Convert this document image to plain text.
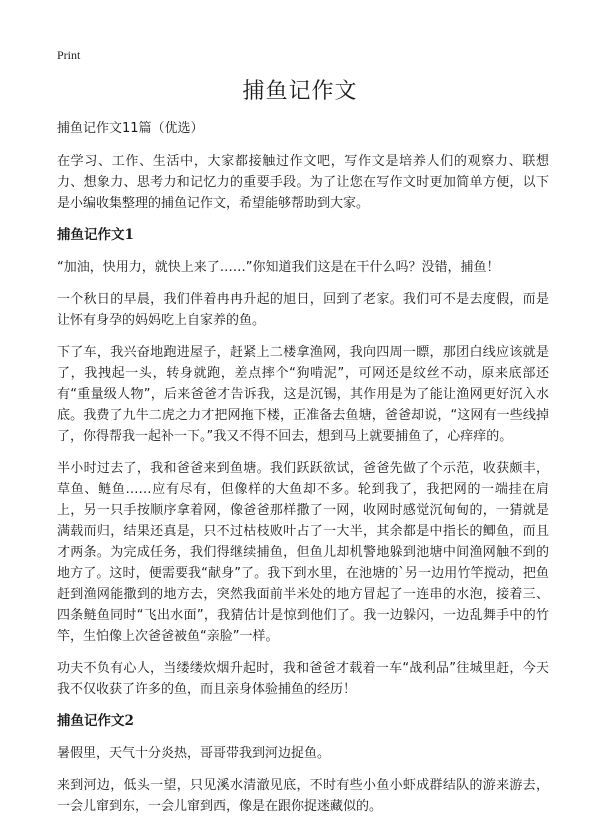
Print
捕鱼记作文

捕鱼记作文11篇（优选）

在学习、工作、生活中，大家都接触过作文吧，写作文是培养人们的观察力、联想力、想象力、思考力和记忆力的重要手段。为了让您在写作文时更加简单方便，以下是小编收集整理的捕鱼记作文，希望能够帮助到大家。

捕鱼记作文1

“加油，快用力，就快上来了……”你知道我们这是在干什么吗？没错，捕鱼！

一个秋日的早晨，我们伴着冉冉升起的旭日，回到了老家。我们可不是去度假，而是让怀有身孕的妈妈吃上自家养的鱼。

下了车，我兴奋地跑进屋子，赶紧上二楼拿渔网，我向四周一瞟，那团白线应该就是了，我拽起一头，转身就跑，差点摔个“狗啃泥”，可网还是纹丝不动，原来底部还有“重量级人物”，后来爸爸才告诉我，这是沉锡，其作用是为了能让渔网更好沉入水底。我费了九牛二虎之力才把网拖下楼，正准备去鱼塘，爸爸却说，“这网有一些线掉了，你得帮我一起补一下。”我又不得不回去，想到马上就要捕鱼了，心痒痒的。

半小时过去了，我和爸爸来到鱼塘。我们跃跃欲试，爸爸先做了个示范，收获颇丰，草鱼、鲢鱼……应有尽有，但像样的大鱼却不多。轮到我了，我把网的一端挂在肩上，另一只手按顺序拿着网，像爸爸那样撒了一网，收网时感觉沉甸甸的，一猜就是满载而归，结果还真是，只不过枯枝败叶占了一大半，其余都是中指长的鲫鱼，而且才两条。为完成任务，我们得继续捕鱼，但鱼儿却机警地躲到池塘中间渔网触不到的地方了。这时，便需要我“献身”了。我下到水里，在池塘的`另一边用竹竿搅动，把鱼赶到渔网能撒到的地方去，突然我面前半米处的地方冒起了一连串的水泡，接着三、四条鲢鱼同时“飞出水面”，我猜估计是惊到他们了。我一边躲闪，一边乱舞手中的竹竿，生怕像上次爸爸被鱼“亲脸”一样。

功夫不负有心人，当缕缕炊烟升起时，我和爸爸才载着一车“战利品”往城里赶，今天我不仅收获了许多的鱼，而且亲身体验捕鱼的经历！

捕鱼记作文2

暑假里，天气十分炎热，哥哥带我到河边捉鱼。

来到河边，低头一望，只见溪水清澈见底，不时有些小鱼小虾成群结队的游来游去，一会儿窜到东，一会儿窜到西，像是在跟你捉迷藏似的。
